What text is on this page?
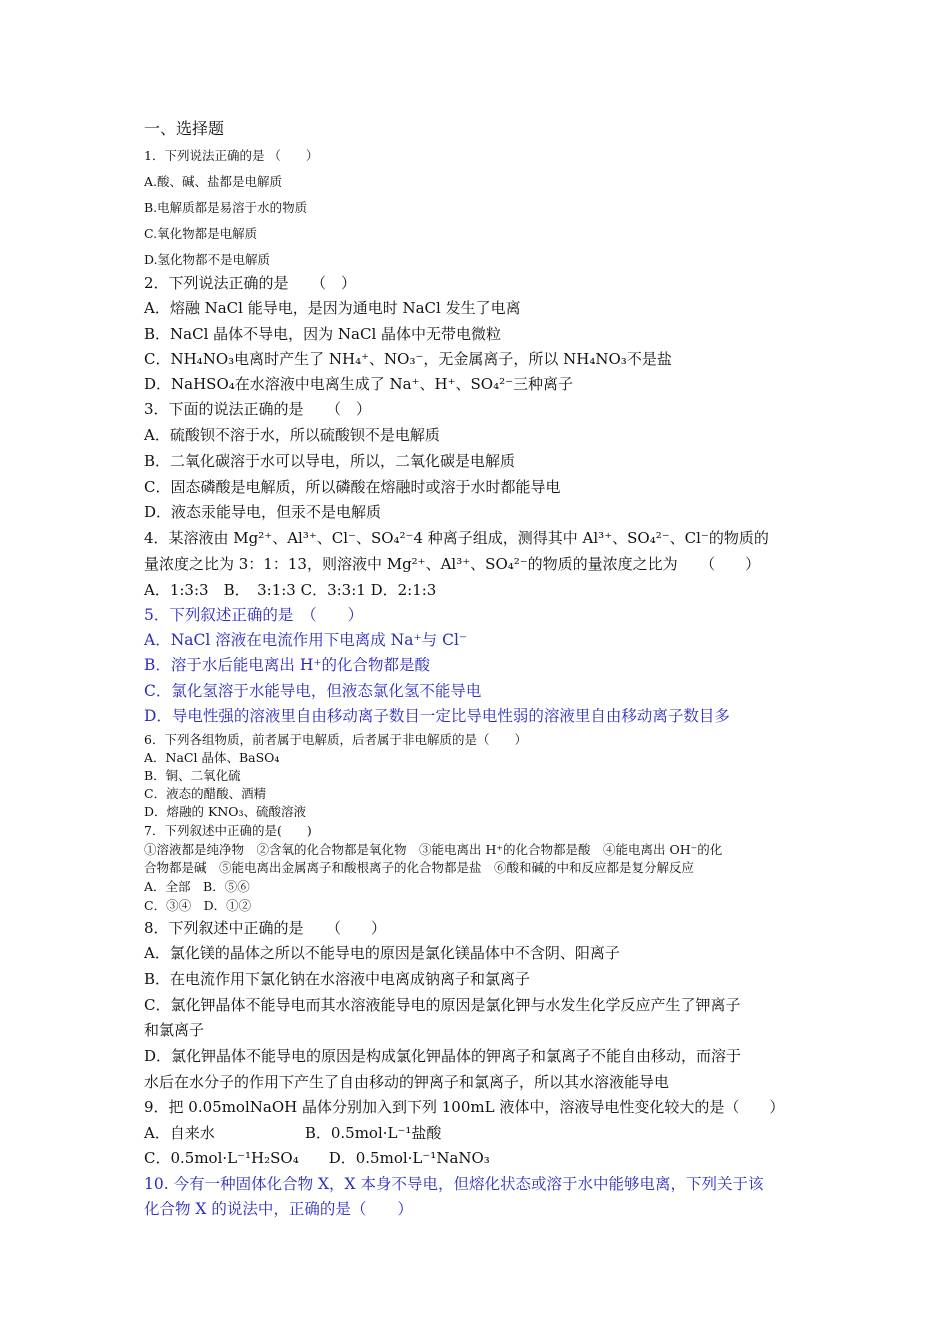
一、选择题
1．下列说法正确的是 （　　）
A.酸、碱、盐都是电解质
B.电解质都是易溶于水的物质
C.氧化物都是电解质
D.氢化物都不是电解质
2．下列说法正确的是　　（　）
A．熔融 NaCl 能导电，是因为通电时 NaCl 发生了电离
B．NaCl 晶体不导电，因为 NaCl 晶体中无带电微粒
C．NH₄NO₃电离时产生了 NH₄⁺、NO₃⁻，无金属离子，所以 NH₄NO₃不是盐
D．NaHSO₄在水溶液中电离生成了 Na⁺、H⁺、SO₄²⁻三种离子
3．下面的说法正确的是　　（　）
A．硫酸钡不溶于水，所以硫酸钡不是电解质
B．二氧化碳溶于水可以导电，所以，二氧化碳是电解质
C．固态磷酸是电解质，所以磷酸在熔融时或溶于水时都能导电
D．液态汞能导电，但汞不是电解质
4．某溶液由 Mg²⁺、Al³⁺、Cl⁻、SO₄²⁻4 种离子组成，测得其中 Al³⁺、SO₄²⁻、Cl⁻的物质的
量浓度之比为 3：1：13，则溶液中 Mg²⁺、Al³⁺、SO₄²⁻的物质的量浓度之比为　　（　　）
A．1:3:3　B．　3:1:3 C．3:3:1 D．2:1:3
5．下列叙述正确的是　（　　）
A．NaCl 溶液在电流作用下电离成 Na⁺与 Cl⁻
B．溶于水后能电离出 H⁺的化合物都是酸
C．氯化氢溶于水能导电，但液态氯化氢不能导电
D．导电性强的溶液里自由移动离子数目一定比导电性弱的溶液里自由移动离子数目多
6．下列各组物质，前者属于电解质，后者属于非电解质的是（　　）
A．NaCl 晶体、BaSO₄
B．铜、二氧化硫
C．液态的醋酸、酒精
D．熔融的 KNO₃、硫酸溶液
7．下列叙述中正确的是(　　)
①溶液都是纯净物　②含氧的化合物都是氧化物　③能电离出 H⁺的化合物都是酸　④能电离出 OH⁻的化
合物都是碱　⑤能电离出金属离子和酸根离子的化合物都是盐　⑥酸和碱的中和反应都是复分解反应
A．全部　B．⑤⑥
C．③④　D．①②
8．下列叙述中正确的是　　（　　）
A．氯化镁的晶体之所以不能导电的原因是氯化镁晶体中不含阴、阳离子
B．在电流作用下氯化钠在水溶液中电离成钠离子和氯离子
C．氯化钾晶体不能导电而其水溶液能导电的原因是氯化钾与水发生化学反应产生了钾离子
和氯离子
D．氯化钾晶体不能导电的原因是构成氯化钾晶体的钾离子和氯离子不能自由移动，而溶于
水后在水分子的作用下产生了自由移动的钾离子和氯离子，所以其水溶液能导电
9．把 0.05molNaOH 晶体分别加入到下列 100mL 液体中，溶液导电性变化较大的是（　　）
A．自来水　　　　　　B．0.5mol·L⁻¹盐酸
C．0.5mol·L⁻¹H₂SO₄　　D．0.5mol·L⁻¹NaNO₃
10. 今有一种固体化合物 X，X 本身不导电，但熔化状态或溶于水中能够电离，下列关于该
化合物 X 的说法中，正确的是（　　）
